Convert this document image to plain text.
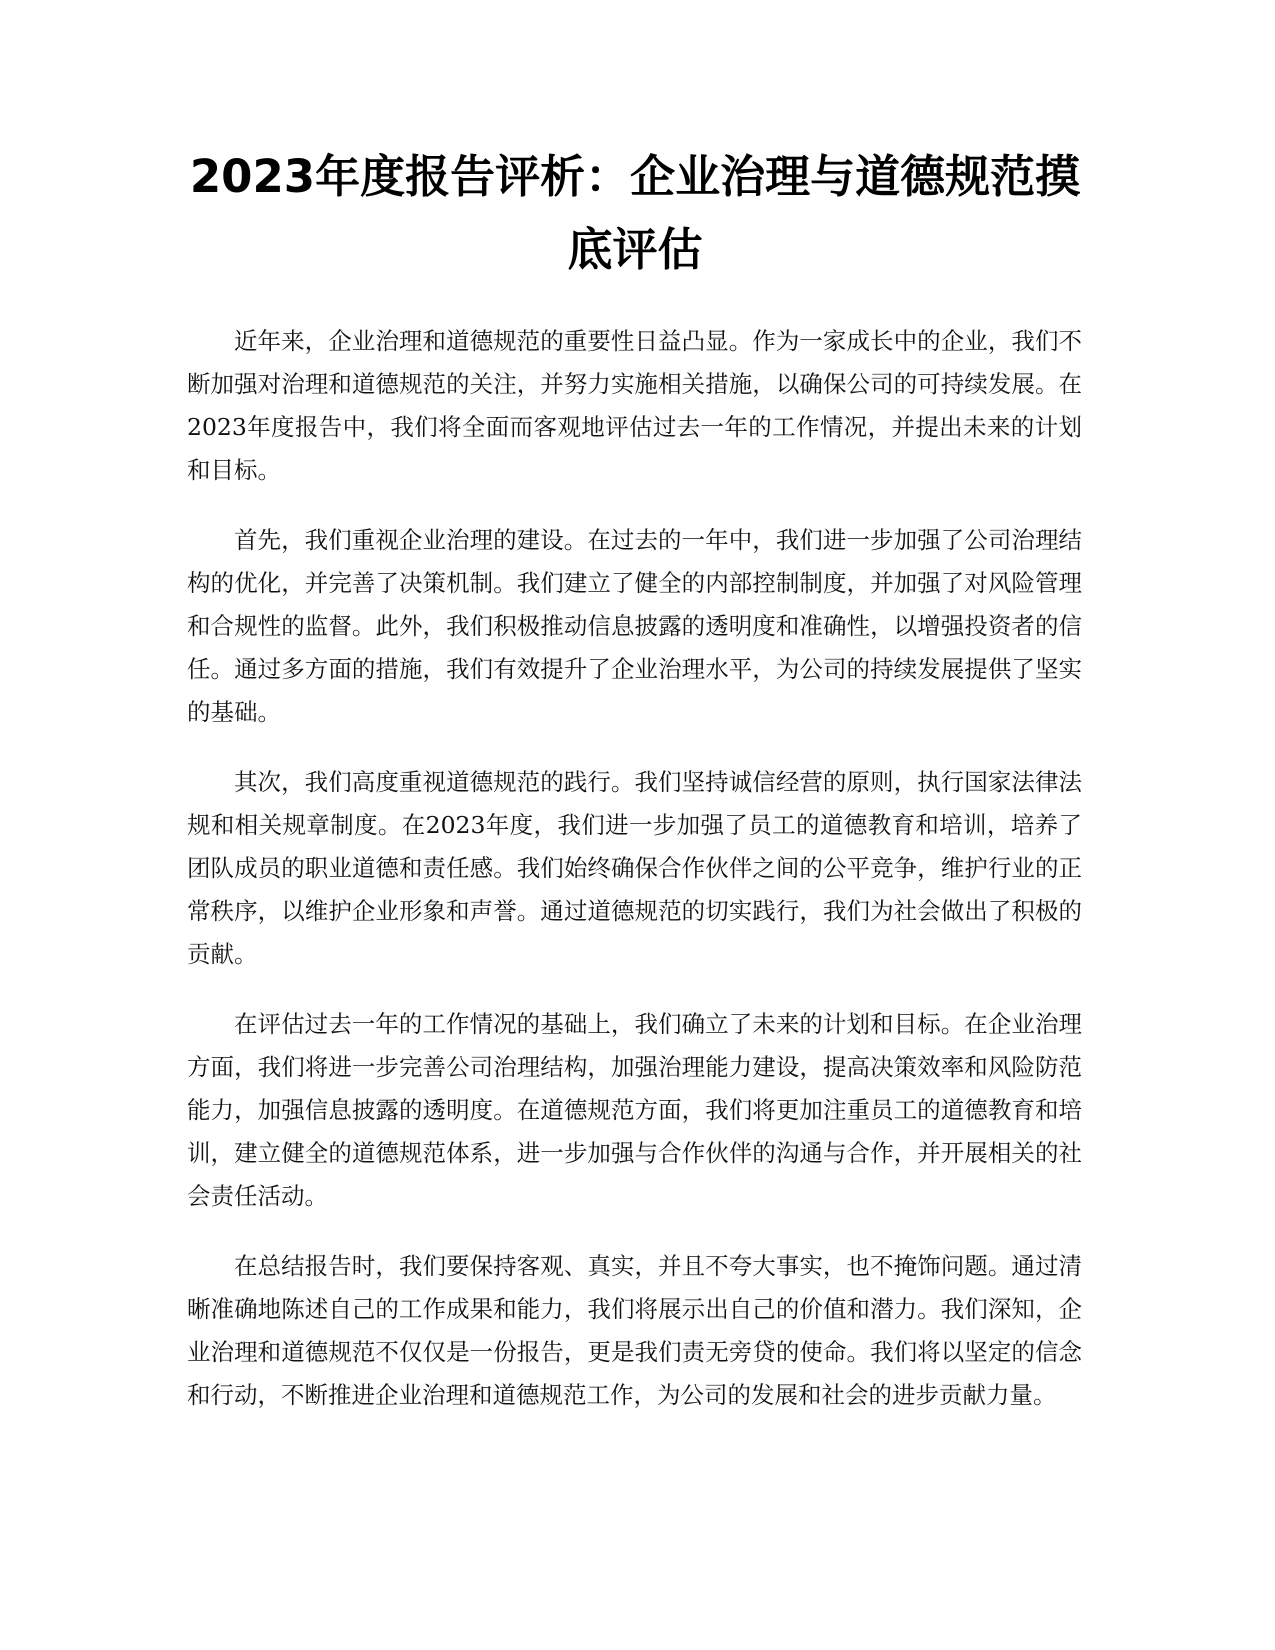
2023年度报告评析：企业治理与道德规范摸底评估

近年来，企业治理和道德规范的重要性日益凸显。作为一家成长中的企业，我们不断加强对治理和道德规范的关注，并努力实施相关措施，以确保公司的可持续发展。在2023年度报告中，我们将全面而客观地评估过去一年的工作情况，并提出未来的计划和目标。

首先，我们重视企业治理的建设。在过去的一年中，我们进一步加强了公司治理结构的优化，并完善了决策机制。我们建立了健全的内部控制制度，并加强了对风险管理和合规性的监督。此外，我们积极推动信息披露的透明度和准确性，以增强投资者的信任。通过多方面的措施，我们有效提升了企业治理水平，为公司的持续发展提供了坚实的基础。

其次，我们高度重视道德规范的践行。我们坚持诚信经营的原则，执行国家法律法规和相关规章制度。在2023年度，我们进一步加强了员工的道德教育和培训，培养了团队成员的职业道德和责任感。我们始终确保合作伙伴之间的公平竞争，维护行业的正常秩序，以维护企业形象和声誉。通过道德规范的切实践行，我们为社会做出了积极的贡献。

在评估过去一年的工作情况的基础上，我们确立了未来的计划和目标。在企业治理方面，我们将进一步完善公司治理结构，加强治理能力建设，提高决策效率和风险防范能力，加强信息披露的透明度。在道德规范方面，我们将更加注重员工的道德教育和培训，建立健全的道德规范体系，进一步加强与合作伙伴的沟通与合作，并开展相关的社会责任活动。

在总结报告时，我们要保持客观、真实，并且不夸大事实，也不掩饰问题。通过清晰准确地陈述自己的工作成果和能力，我们将展示出自己的价值和潜力。我们深知，企业治理和道德规范不仅仅是一份报告，更是我们责无旁贷的使命。我们将以坚定的信念和行动，不断推进企业治理和道德规范工作，为公司的发展和社会的进步贡献力量。
